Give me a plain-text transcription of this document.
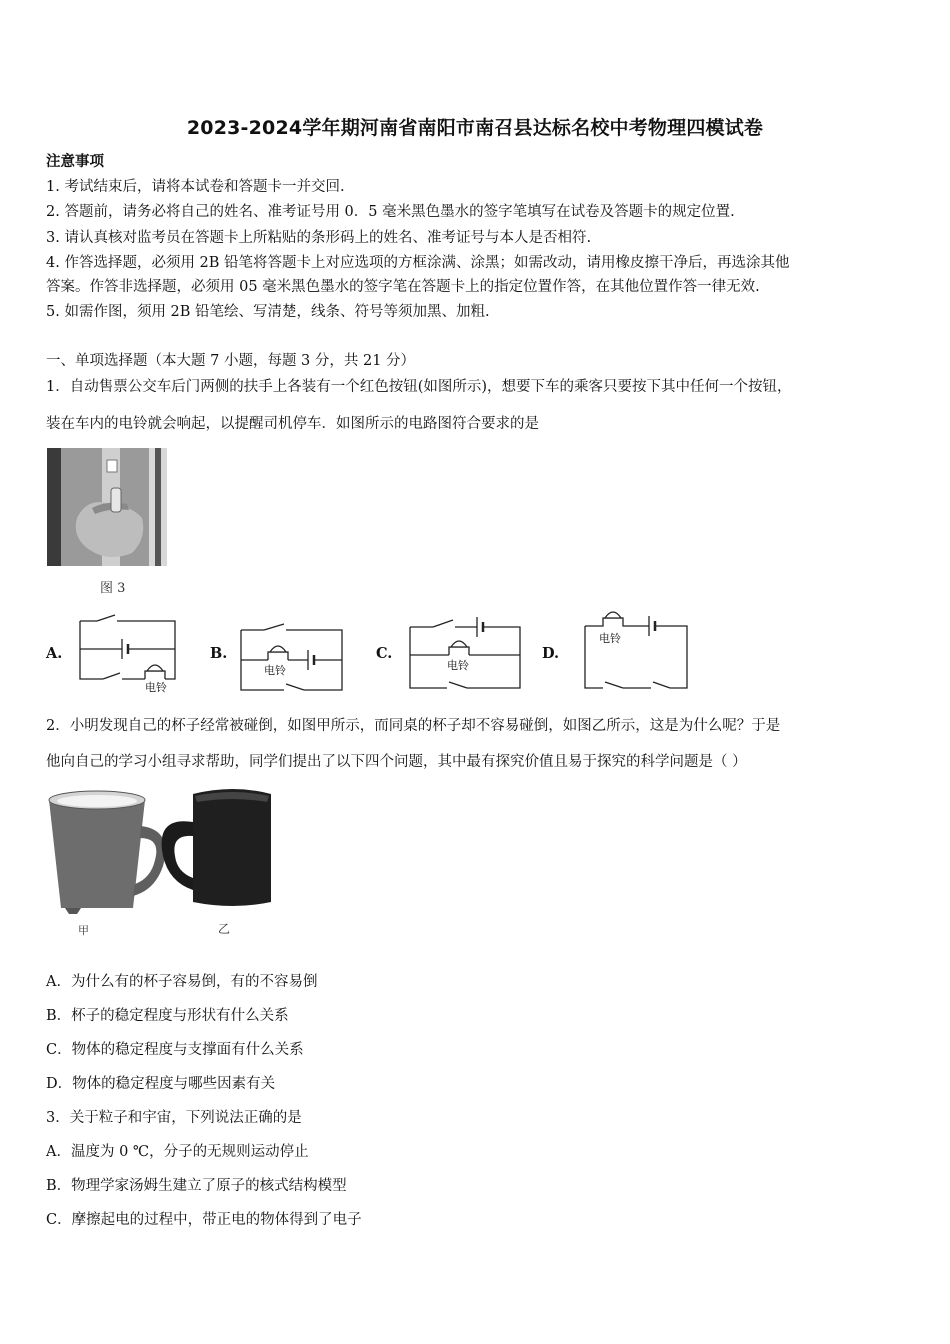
2023-2024学年期河南省南阳市南召县达标名校中考物理四模试卷
注意事项
1. 考试结束后，请将本试卷和答题卡一并交回.
2. 答题前，请务必将自己的姓名、准考证号用 0．5 毫米黑色墨水的签字笔填写在试卷及答题卡的规定位置.
3. 请认真核对监考员在答题卡上所粘贴的条形码上的姓名、准考证号与本人是否相符.
4. 作答选择题，必须用 2B 铅笔将答题卡上对应选项的方框涂满、涂黑；如需改动，请用橡皮擦干净后，再选涂其他
答案。作答非选择题，必须用 05 毫米黑色墨水的签字笔在答题卡上的指定位置作答，在其他位置作答一律无效.
5. 如需作图，须用 2B 铅笔绘、写清楚，线条、符号等须加黑、加粗.
一、单项选择题（本大题 7 小题，每题 3 分，共 21 分）
1．自动售票公交车后门两侧的扶手上各装有一个红色按钮(如图所示)，想要下车的乘客只要按下其中任何一个按钮，
装在车内的电铃就会响起，以提醒司机停车．如图所示的电路图符合要求的是
图 3
A.
电铃
B.
电铃
C.
电铃
D.
电铃
2．小明发现自己的杯子经常被碰倒，如图甲所示，而同桌的杯子却不容易碰倒，如图乙所示，这是为什么呢？于是
他向自己的学习小组寻求帮助，同学们提出了以下四个问题，其中最有探究价值且易于探究的科学问题是（ ）
甲	乙
A．为什么有的杯子容易倒，有的不容易倒
B．杯子的稳定程度与形状有什么关系
C．物体的稳定程度与支撑面有什么关系
D．物体的稳定程度与哪些因素有关
3．关于粒子和宇宙，下列说法正确的是
A．温度为 0 ℃，分子的无规则运动停止
B．物理学家汤姆生建立了原子的核式结构模型
C．摩擦起电的过程中，带正电的物体得到了电子
